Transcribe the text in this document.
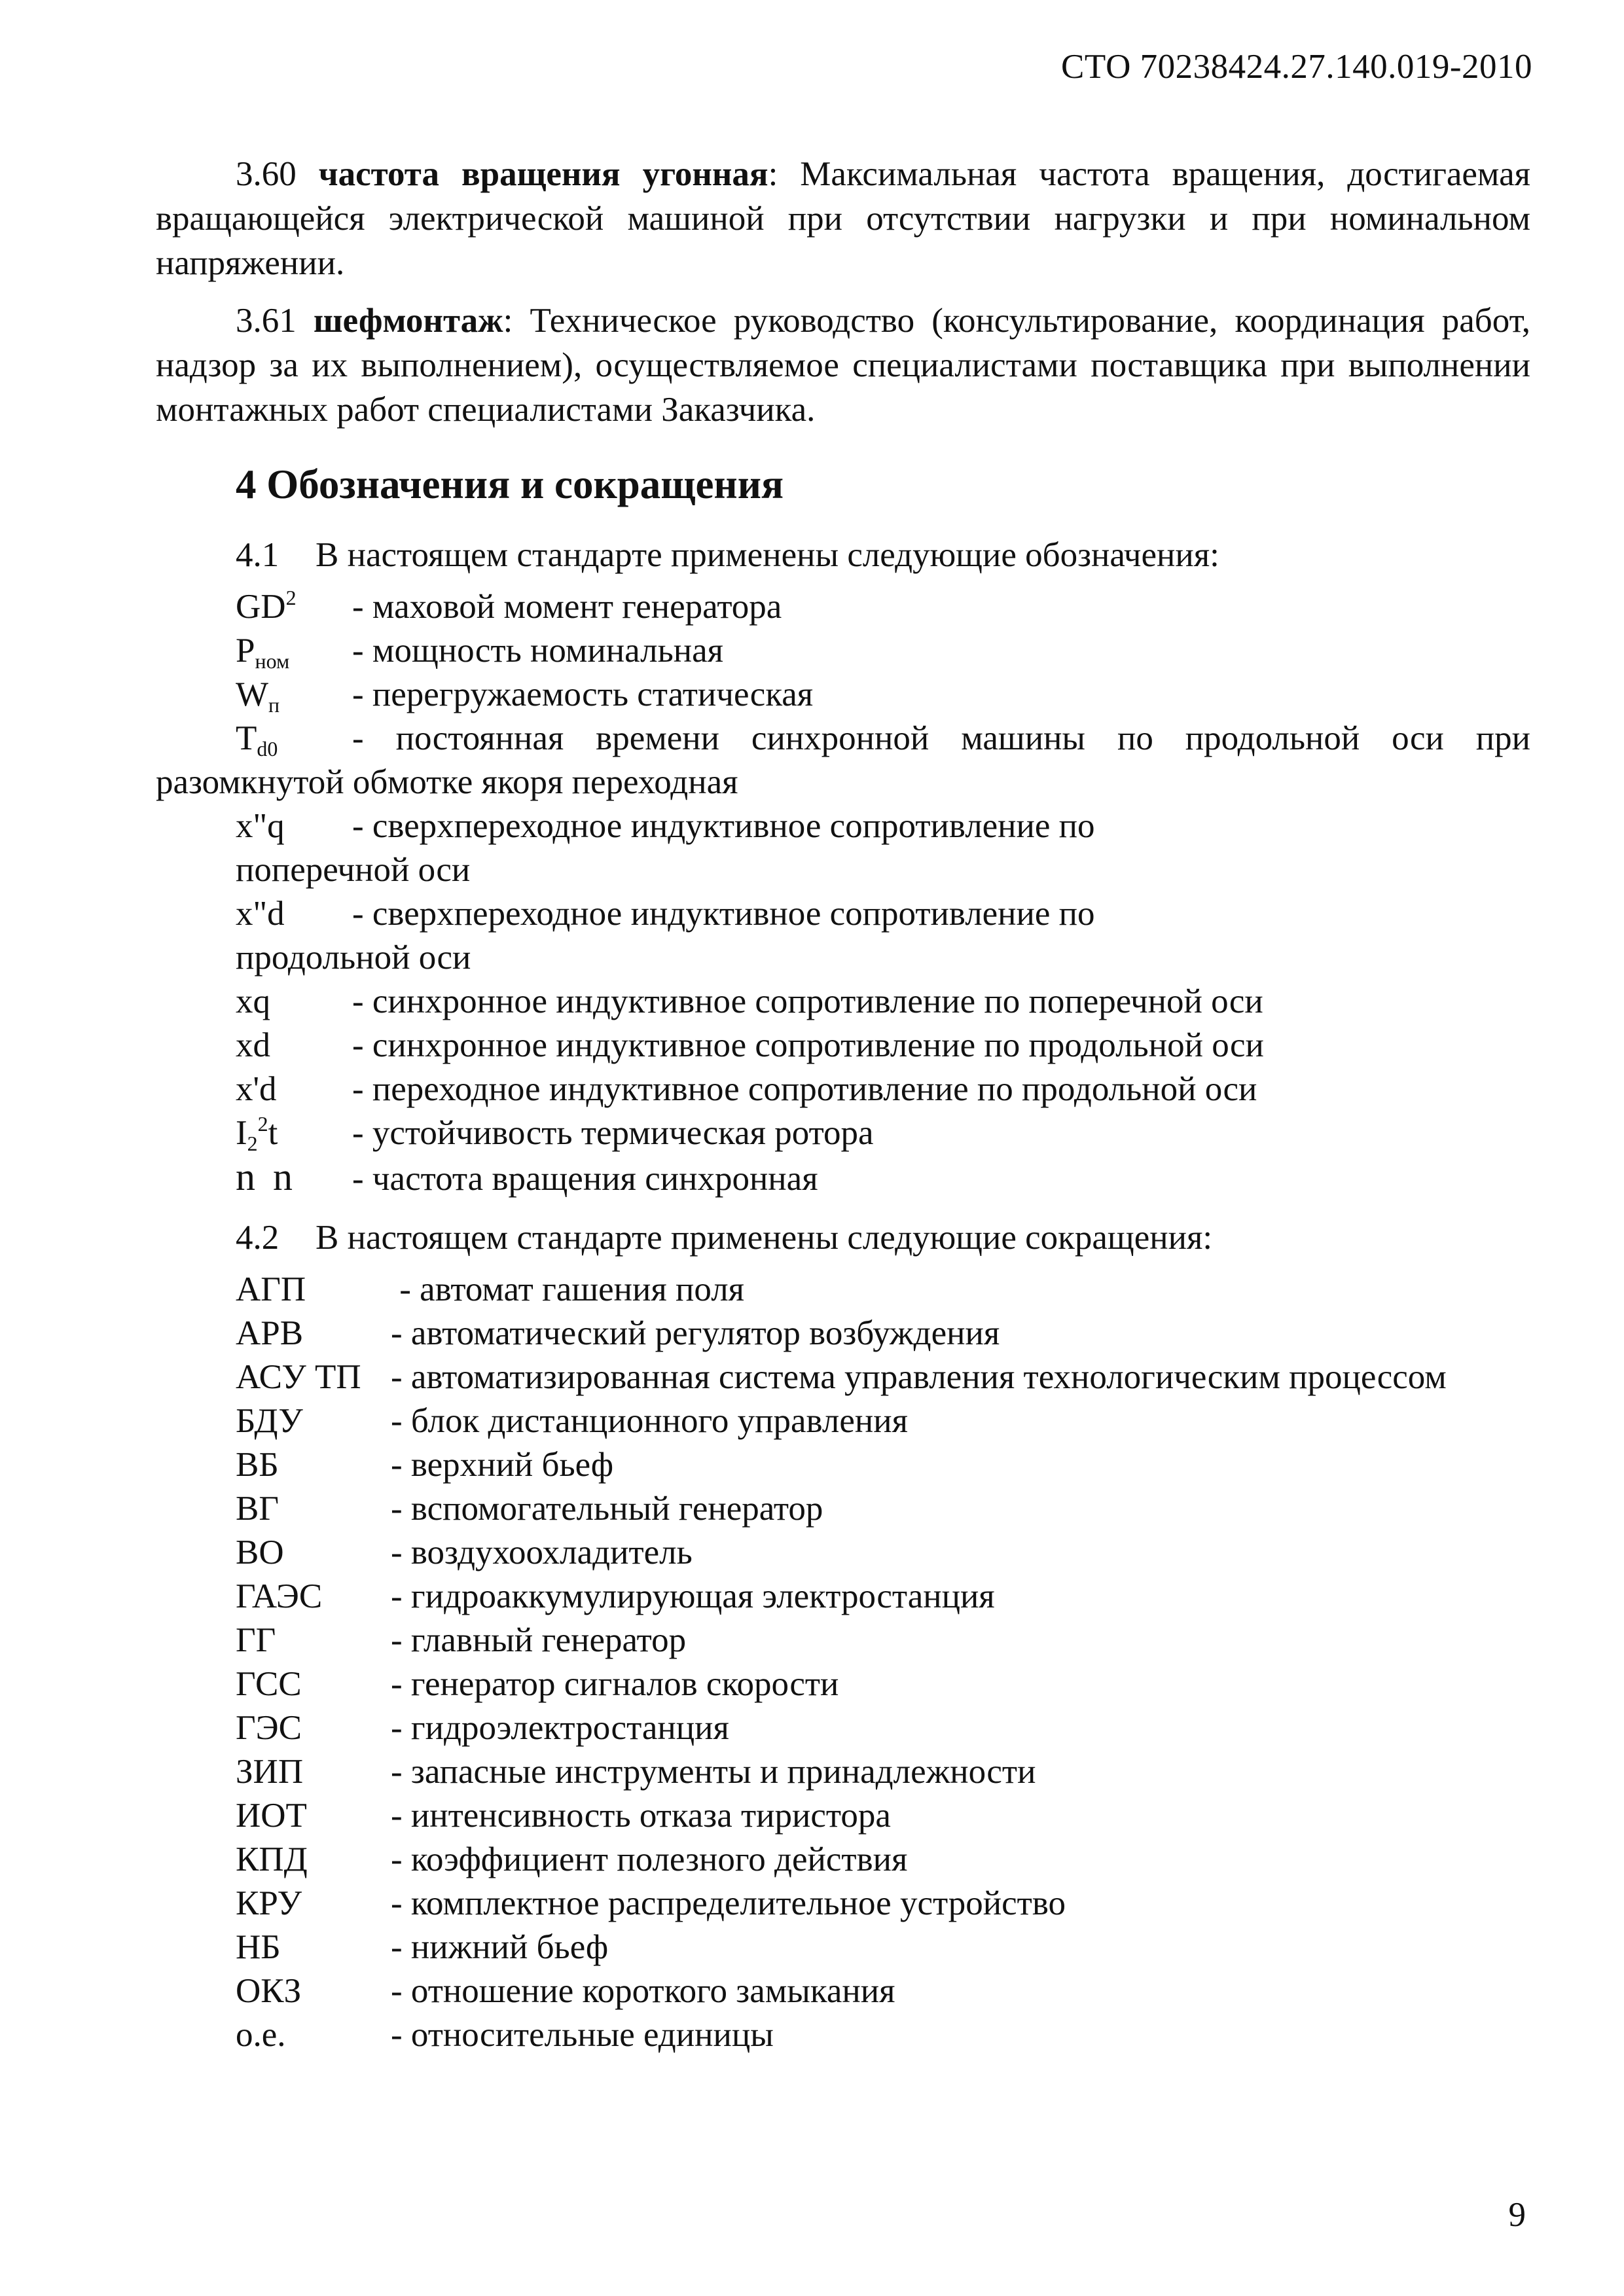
СТО 70238424.27.140.019-2010

3.60 частота вращения угонная: Максимальная частота вращения, достигаемая вращающейся электрической машиной при отсутствии нагрузки и при номинальном напряжении.

3.61 шефмонтаж: Техническое руководство (консультирование, координация работ, надзор за их выполнением), осуществляемое специалистами поставщика при выполнении монтажных работ специалистами Заказчика.

4 Обозначения и сокращения
4.1 В настоящем стандарте применены следующие обозначения:
$GD^2$ - маховой момент генератора
$P_{ном}$ - мощность номинальная
$W_п$ - перегружаемость статическая
$T_{d0}$ - постоянная времени синхронной машины по продольной оси при разомкнутой обмотке якоря переходная
x"q - сверхпереходное индуктивное сопротивление по
поперечной оси
x"d - сверхпереходное индуктивное сопротивление по
продольной оси
xq - синхронное индуктивное сопротивление по поперечной оси
xd - синхронное индуктивное сопротивление по продольной оси
x'd - переходное индуктивное сопротивление по продольной оси
$I_2^2t$ - устойчивость термическая ротора
n n - частота вращения синхронная
4.2 В настоящем стандарте применены следующие сокращения:
АГП - автомат гашения поля
АРВ	- автоматический регулятор возбуждения
АСУ ТП - автоматизированная система управления технологическим процессом
БДУ	- блок дистанционного управления
ВБ	- верхний бьеф
ВГ	- вспомогательный генератор
ВО	- воздухоохладитель
ГАЭС - гидроаккумулирующая электростанция
ГГ	- главный генератор
ГСС	- генератор сигналов скорости
ГЭС	- гидроэлектростанция
ЗИП	- запасные инструменты и принадлежности
ИОТ - интенсивность отказа тиристора
КПД - коэффициент полезного действия
КРУ	- комплектное распределительное устройство
НБ	- нижний бьеф
ОКЗ	- отношение короткого замыкания
о.е.	- относительные единицы
9
